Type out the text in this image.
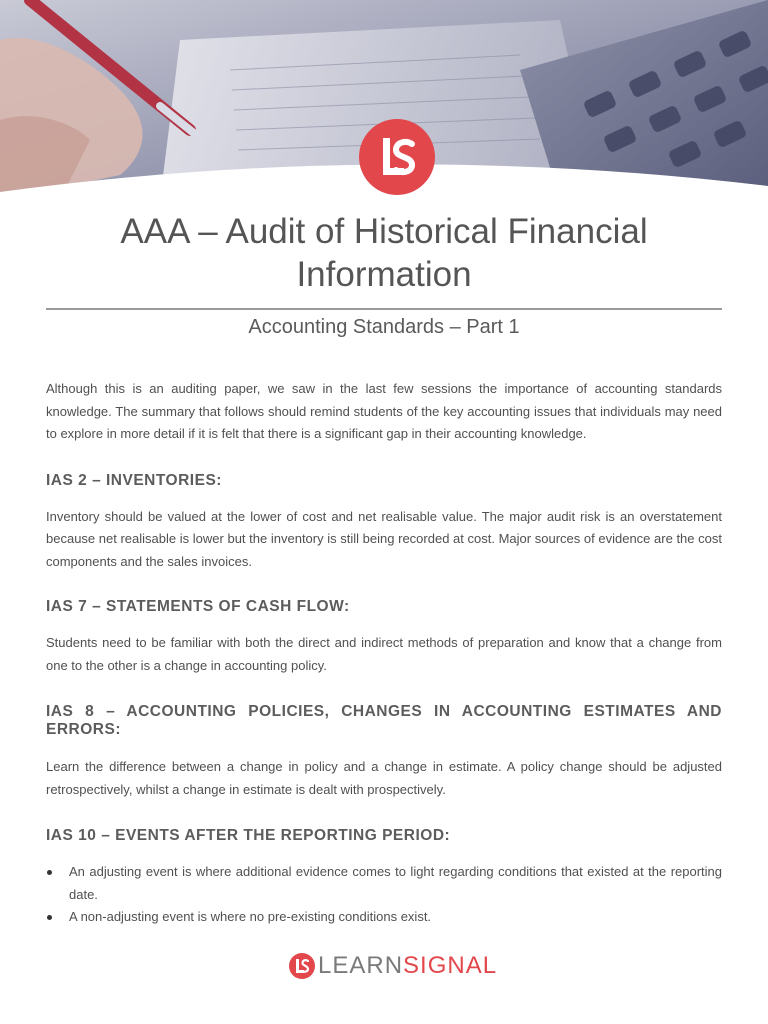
AAA – Audit of Historical Financial
Information
Accounting Standards – Part 1

Although this is an auditing paper, we saw in the last few sessions the importance of accounting standards knowledge. The summary that follows should remind students of the key accounting issues that individuals may need to explore in more detail if it is felt that there is a significant gap in their accounting knowledge.

IAS 2 – INVENTORIES:

Inventory should be valued at the lower of cost and net realisable value. The major audit risk is an overstatement because net realisable is lower but the inventory is still being recorded at cost. Major sources of evidence are the cost components and the sales invoices.

IAS 7 – STATEMENTS OF CASH FLOW:

Students need to be familiar with both the direct and indirect methods of preparation and know that a change from one to the other is a change in accounting policy.

IAS 8 – ACCOUNTING POLICIES, CHANGES IN ACCOUNTING ESTIMATES AND ERRORS:

Learn the difference between a change in policy and a change in estimate. A policy change should be adjusted retrospectively, whilst a change in estimate is dealt with prospectively.

IAS 10 – EVENTS AFTER THE REPORTING PERIOD:
An adjusting event is where additional evidence comes to light regarding conditions that existed at the reporting date.
A non-adjusting event is where no pre-existing conditions exist.
LEARNSIGNAL
